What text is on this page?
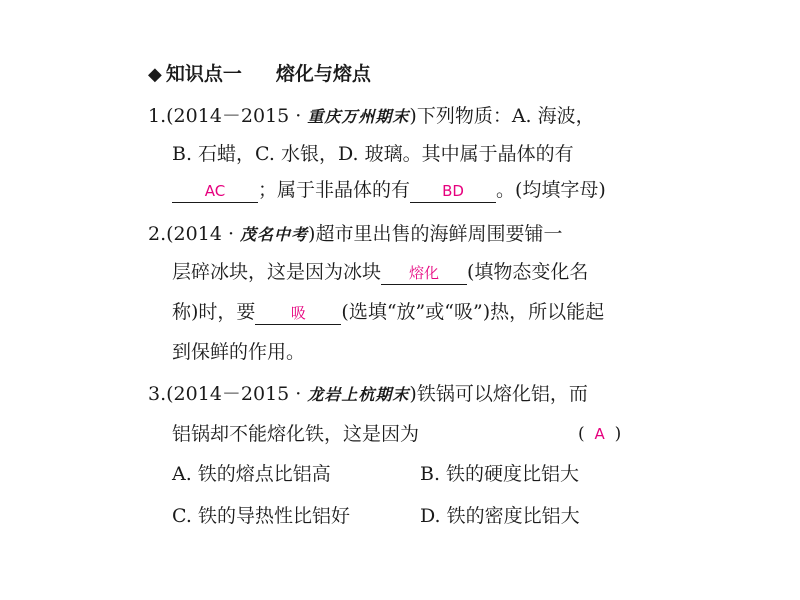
◆ 知识点一 熔化与熔点
1.(2014－2015 · 重庆万州期末)下列物质：A. 海波，
B. 石蜡，C. 水银，D. 玻璃。其中属于晶体的有
AC ；属于非晶体的有 BD 。(均填字母)
2.(2014 · 茂名中考)超市里出售的海鲜周围要铺一
层碎冰块，这是因为冰块 熔化 (填物态变化名
称)时，要 吸 (选填“放”或“吸”)热，所以能起
到保鲜的作用。
3.(2014－2015 · 龙岩上杭期末)铁锅可以熔化铝，而
铝锅却不能熔化铁，这是因为	( A )
A. 铁的熔点比铝高	B. 铁的硬度比铝大
C. 铁的导热性比铝好	D. 铁的密度比铝大
